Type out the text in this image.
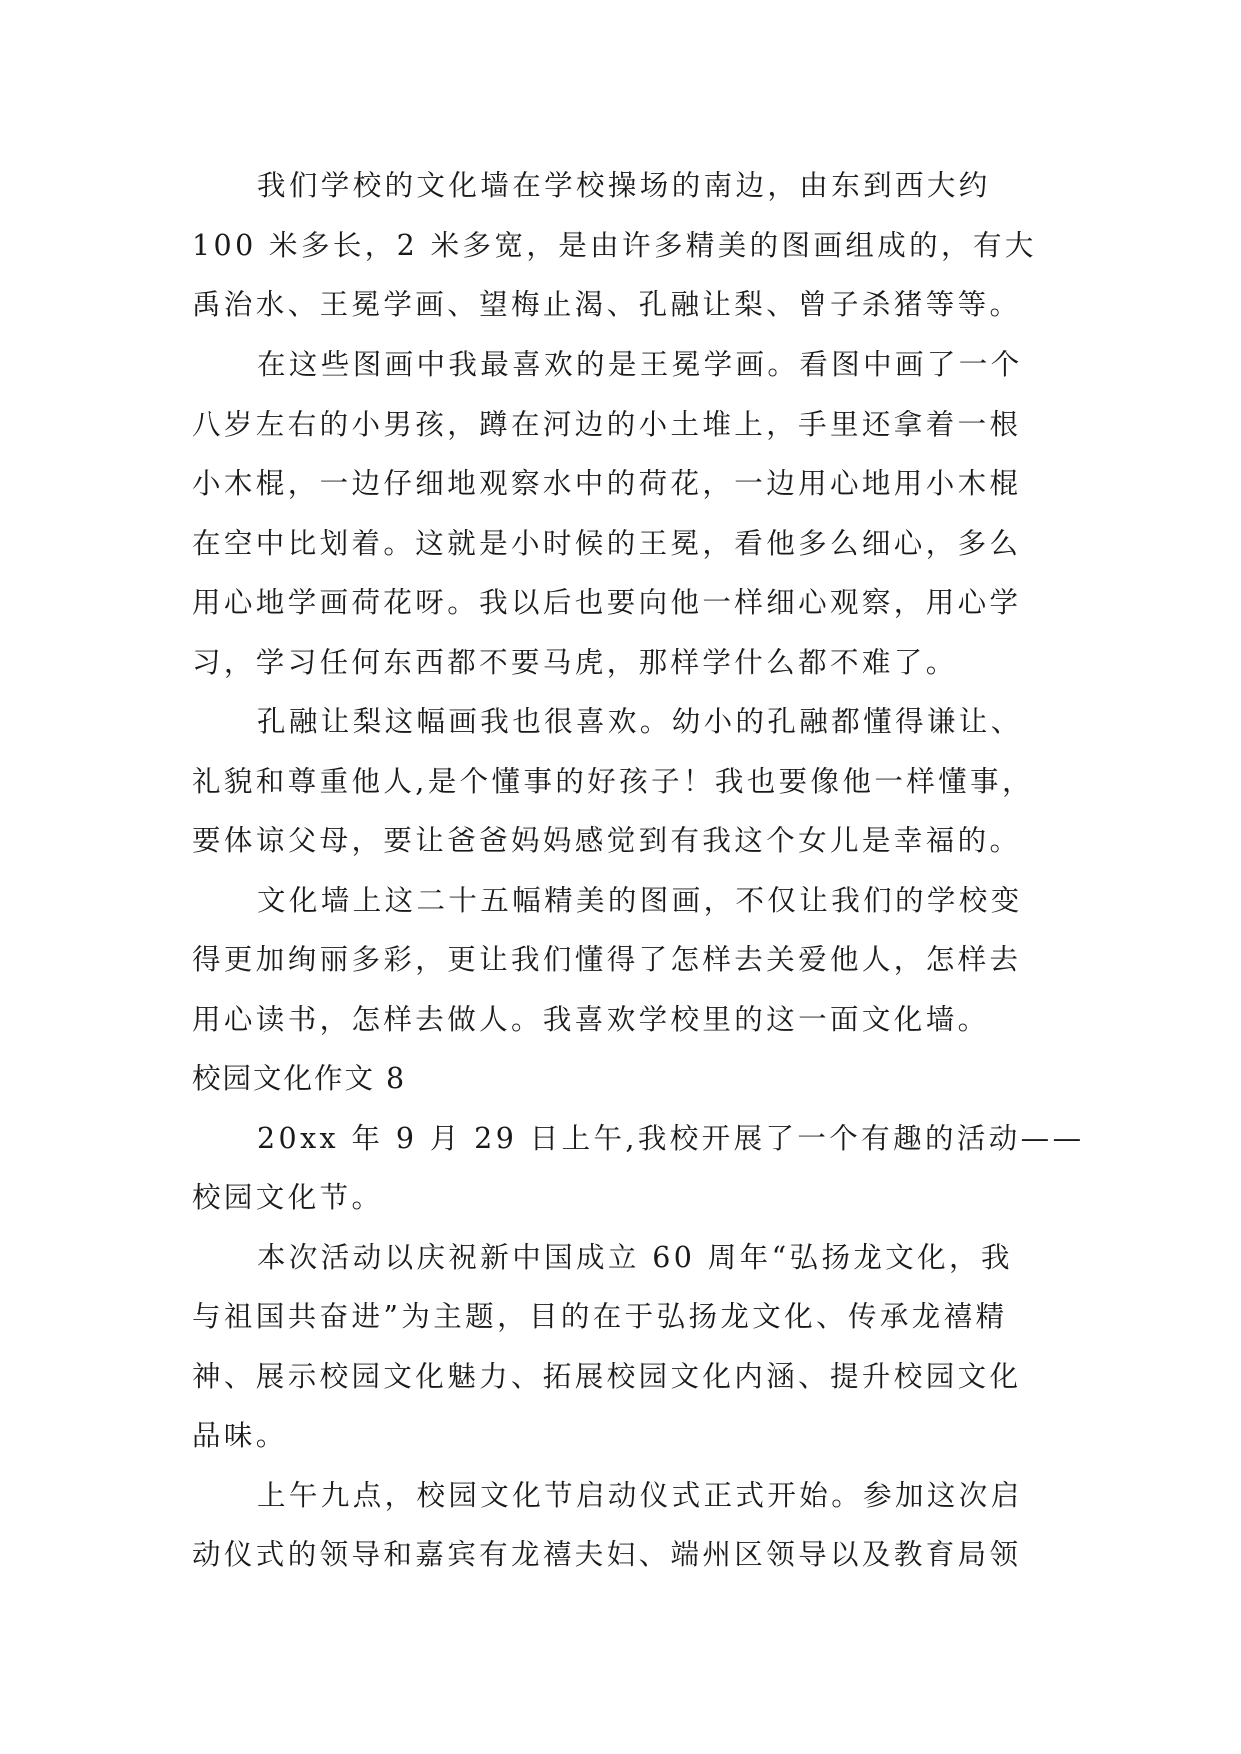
我们学校的文化墙在学校操场的南边，由东到西大约

100 米多长，2 米多宽，是由许多精美的图画组成的，有大

禹治水、王冕学画、望梅止渴、孔融让梨、曾子杀猪等等。

在这些图画中我最喜欢的是王冕学画。看图中画了一个

八岁左右的小男孩，蹲在河边的小土堆上，手里还拿着一根

小木棍，一边仔细地观察水中的荷花，一边用心地用小木棍

在空中比划着。这就是小时候的王冕，看他多么细心，多么

用心地学画荷花呀。我以后也要向他一样细心观察，用心学

习，学习任何东西都不要马虎，那样学什么都不难了。

孔融让梨这幅画我也很喜欢。幼小的孔融都懂得谦让、

礼貌和尊重他人,是个懂事的好孩子！我也要像他一样懂事，

要体谅父母，要让爸爸妈妈感觉到有我这个女儿是幸福的。

文化墙上这二十五幅精美的图画，不仅让我们的学校变

得更加绚丽多彩，更让我们懂得了怎样去关爱他人，怎样去

用心读书，怎样去做人。我喜欢学校里的这一面文化墙。

校园文化作文 8

20xx 年 9 月 29 日上午,我校开展了一个有趣的活动——

校园文化节。

本次活动以庆祝新中国成立 60 周年“弘扬龙文化，我

与祖国共奋进”为主题，目的在于弘扬龙文化、传承龙禧精

神、展示校园文化魅力、拓展校园文化内涵、提升校园文化

品味。

上午九点，校园文化节启动仪式正式开始。参加这次启

动仪式的领导和嘉宾有龙禧夫妇、端州区领导以及教育局领
